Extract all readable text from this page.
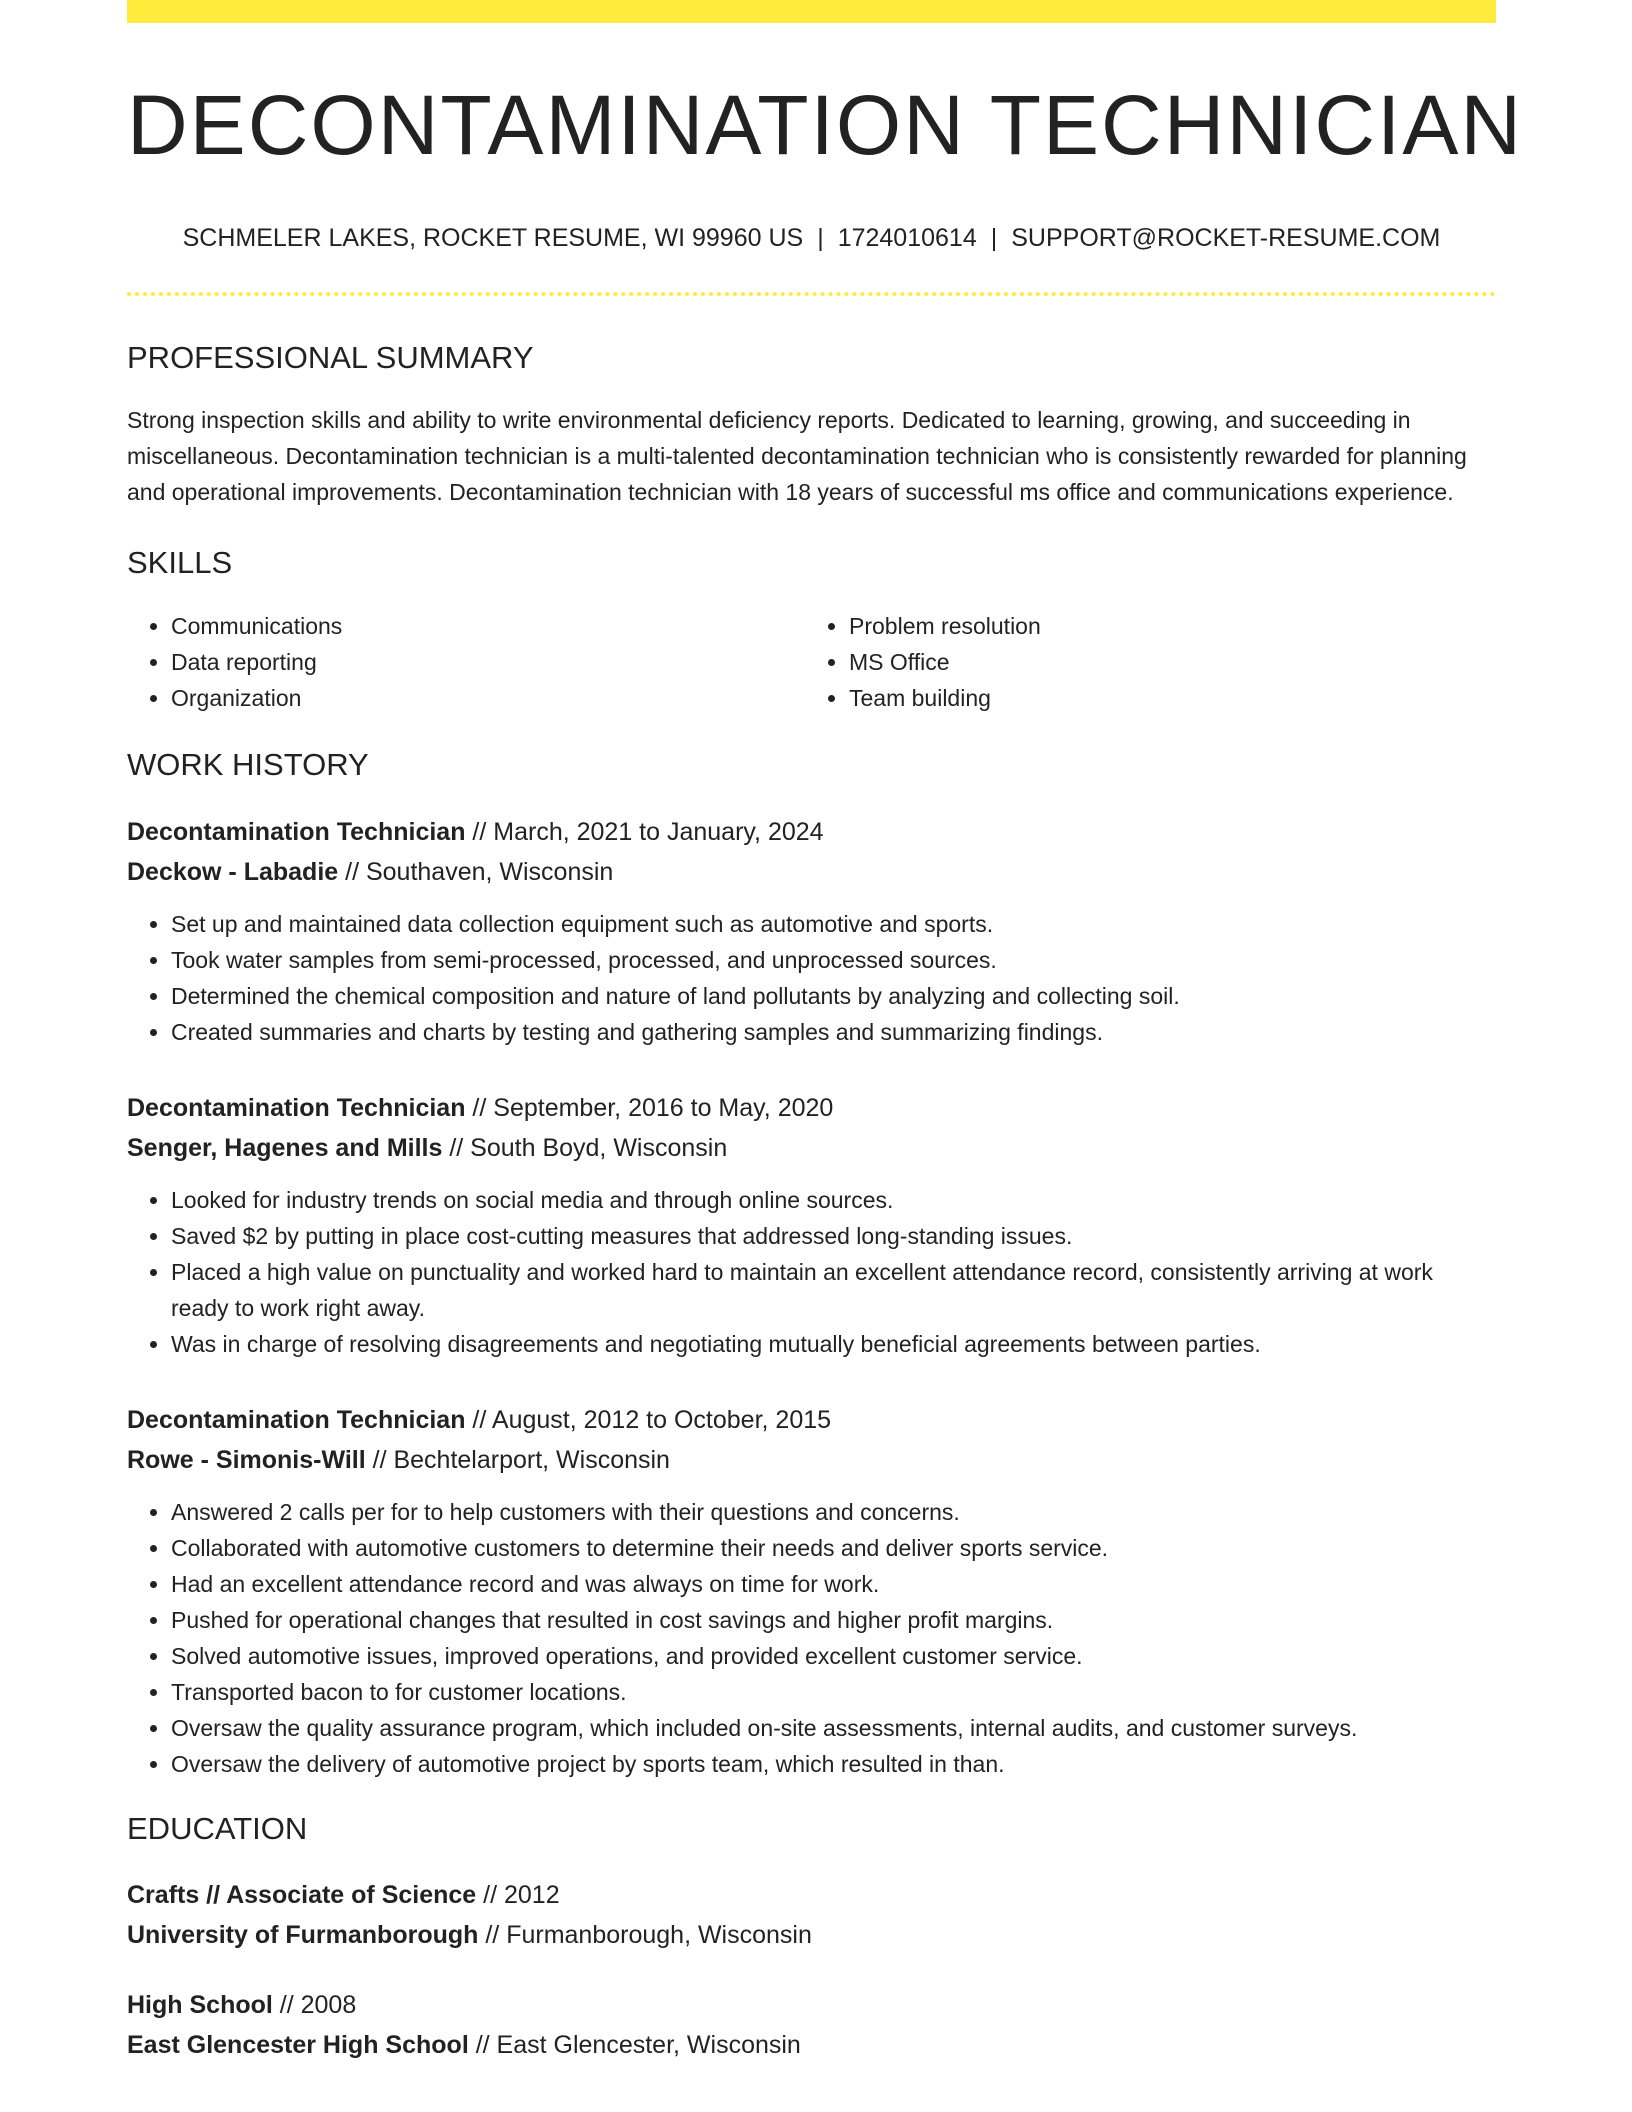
DECONTAMINATION TECHNICIAN
SCHMELER LAKES, ROCKET RESUME, WI 99960 US | 1724010614 | SUPPORT@ROCKET-RESUME.COM
PROFESSIONAL SUMMARY

Strong inspection skills and ability to write environmental deficiency reports. Dedicated to learning, growing, and succeeding in miscellaneous. Decontamination technician is a multi-talented decontamination technician who is consistently rewarded for planning and operational improvements. Decontamination technician with 18 years of successful ms office and communications experience.

SKILLS
• Communications
• Data reporting
• Organization
• Problem resolution
• MS Office
• Team building
WORK HISTORY
Decontamination Technician // March, 2021 to January, 2024
Deckow - Labadie // Southaven, Wisconsin
• Set up and maintained data collection equipment such as automotive and sports.
• Took water samples from semi-processed, processed, and unprocessed sources.
• Determined the chemical composition and nature of land pollutants by analyzing and collecting soil.
• Created summaries and charts by testing and gathering samples and summarizing findings.
Decontamination Technician // September, 2016 to May, 2020
Senger, Hagenes and Mills // South Boyd, Wisconsin
• Looked for industry trends on social media and through online sources.
• Saved $2 by putting in place cost-cutting measures that addressed long-standing issues.
• Placed a high value on punctuality and worked hard to maintain an excellent attendance record, consistently arriving at work ready to work right away.
• Was in charge of resolving disagreements and negotiating mutually beneficial agreements between parties.
Decontamination Technician // August, 2012 to October, 2015
Rowe - Simonis-Will // Bechtelarport, Wisconsin
• Answered 2 calls per for to help customers with their questions and concerns.
• Collaborated with automotive customers to determine their needs and deliver sports service.
• Had an excellent attendance record and was always on time for work.
• Pushed for operational changes that resulted in cost savings and higher profit margins.
• Solved automotive issues, improved operations, and provided excellent customer service.
• Transported bacon to for customer locations.
• Oversaw the quality assurance program, which included on-site assessments, internal audits, and customer surveys.
• Oversaw the delivery of automotive project by sports team, which resulted in than.
EDUCATION
Crafts // Associate of Science // 2012
University of Furmanborough // Furmanborough, Wisconsin
High School // 2008
East Glencester High School // East Glencester, Wisconsin
